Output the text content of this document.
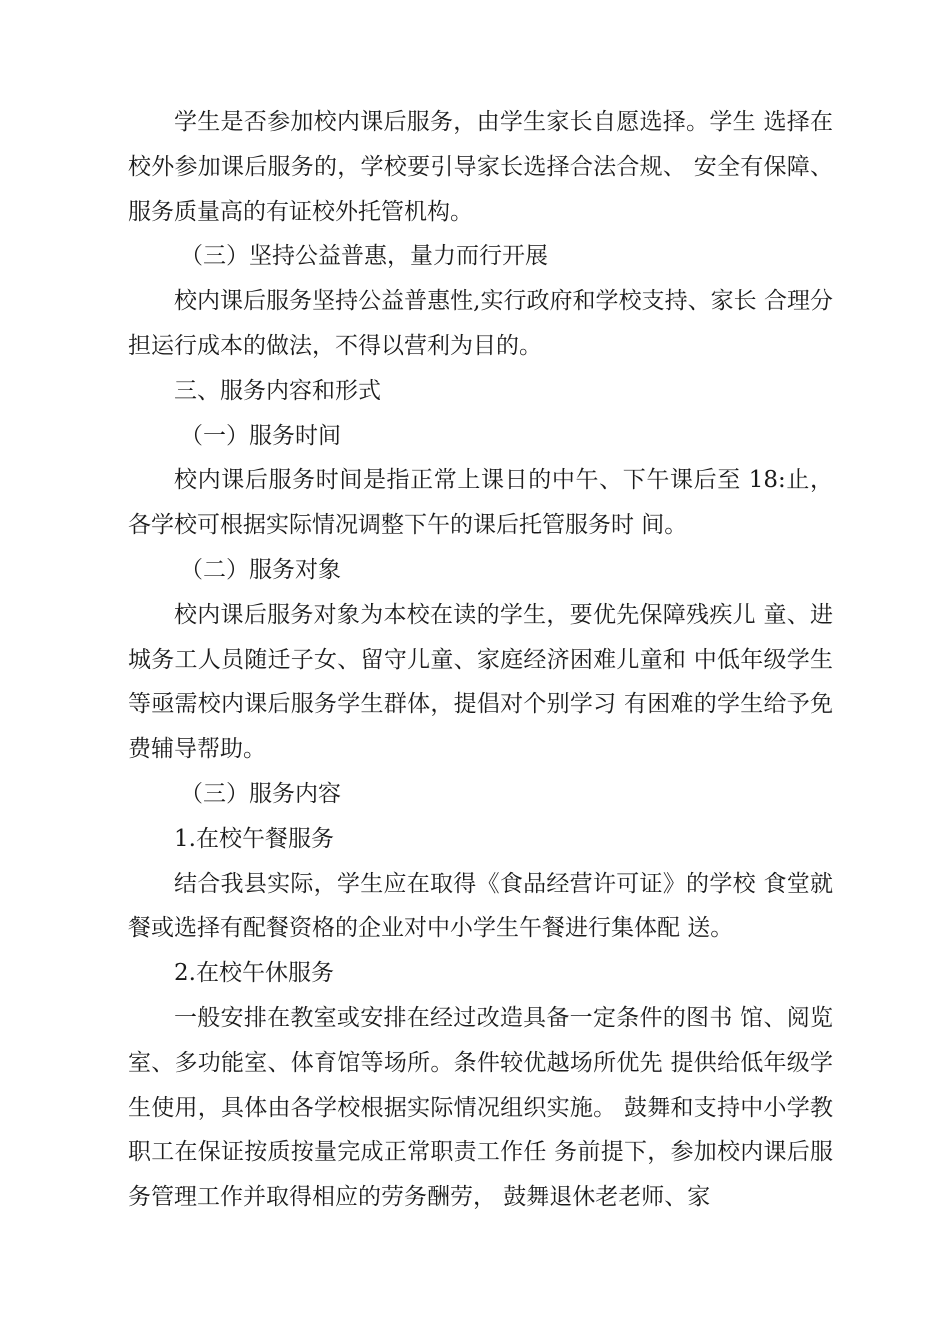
学生是否参加校内课后服务，由学生家长自愿选择。学生 选择在校外参加课后服务的，学校要引导家长选择合法合规、 安全有保障、服务质量高的有证校外托管机构。

（三）坚持公益普惠，量力而行开展

校内课后服务坚持公益普惠性,实行政府和学校支持、家长 合理分担运行成本的做法，不得以营利为目的。

三、服务内容和形式

（一）服务时间

校内课后服务时间是指正常上课日的中午、下午课后至 18:止，各学校可根据实际情况调整下午的课后托管服务时 间。

（二）服务对象

校内课后服务对象为本校在读的学生，要优先保障残疾儿 童、进城务工人员随迁子女、留守儿童、家庭经济困难儿童和 中低年级学生等亟需校内课后服务学生群体，提倡对个别学习 有困难的学生给予免费辅导帮助。

（三）服务内容

1.在校午餐服务

结合我县实际，学生应在取得《食品经营许可证》的学校 食堂就餐或选择有配餐资格的企业对中小学生午餐进行集体配 送。

2.在校午休服务

一般安排在教室或安排在经过改造具备一定条件的图书 馆、阅览室、多功能室、体育馆等场所。条件较优越场所优先 提供给低年级学生使用，具体由各学校根据实际情况组织实施。 鼓舞和支持中小学教职工在保证按质按量完成正常职责工作任 务前提下，参加校内课后服务管理工作并取得相应的劳务酬劳， 鼓舞退休老老师、家
